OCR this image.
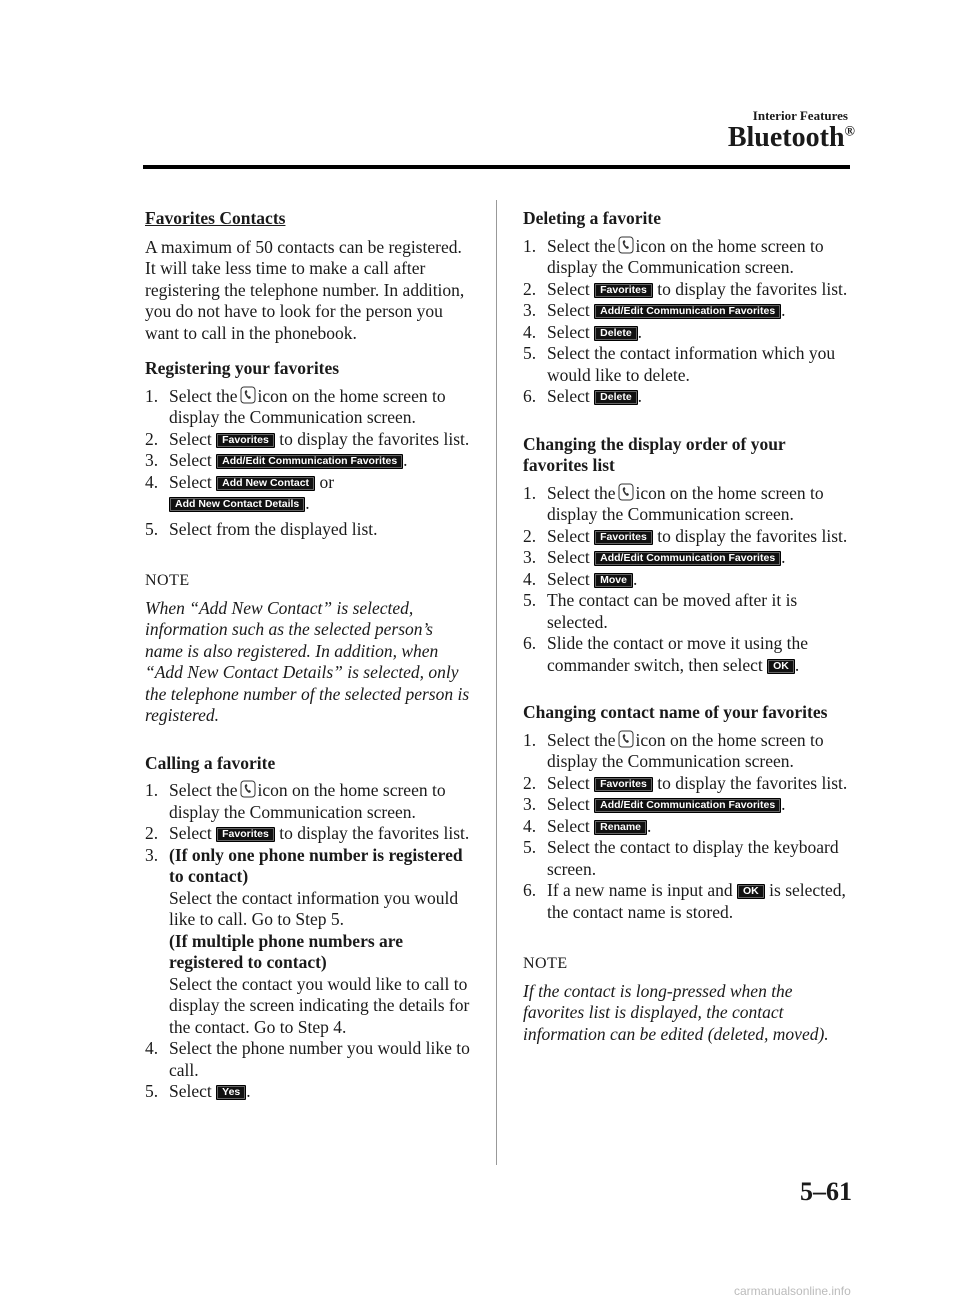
Interior Features
Bluetooth®

Favorites Contacts

A maximum of 50 contacts can be registered. It will take less time to make a call after registering the telephone number. In addition, you do not have to look for the person you want to call in the phonebook.

Registering your favorites

1. Select the icon on the home screen to display the Communication screen.
2. Select Favorites to display the favorites list.
3. Select Add/Edit Communication Favorites .
4. Select Add New Contact or
Add New Contact Details .
5. Select from the displayed list.

NOTE

When “Add New Contact” is selected, information such as the selected person’s name is also registered. In addition, when “Add New Contact Details” is selected, only the telephone number of the selected person is registered.

Calling a favorite

1. Select the icon on the home screen to display the Communication screen.
2. Select Favorites to display the favorites list.
3. (If only one phone number is registered to contact)
Select the contact information you would like to call. Go to Step 5.
(If multiple phone numbers are registered to contact)
Select the contact you would like to call to display the screen indicating the details for the contact. Go to Step 4.
4. Select the phone number you would like to call.
5. Select Yes .

Deleting a favorite

1. Select the icon on the home screen to display the Communication screen.
2. Select Favorites to display the favorites list.
3. Select Add/Edit Communication Favorites .
4. Select Delete .
5. Select the contact information which you would like to delete.
6. Select Delete .

Changing the display order of your favorites list

1. Select the icon on the home screen to display the Communication screen.
2. Select Favorites to display the favorites list.
3. Select Add/Edit Communication Favorites .
4. Select Move .
5. The contact can be moved after it is selected.
6. Slide the contact or move it using the commander switch, then select OK .

Changing contact name of your favorites

1. Select the icon on the home screen to display the Communication screen.
2. Select Favorites to display the favorites list.
3. Select Add/Edit Communication Favorites .
4. Select Rename .
5. Select the contact to display the keyboard screen.
6. If a new name is input and OK is selected, the contact name is stored.

NOTE

If the contact is long-pressed when the favorites list is displayed, the contact information can be edited (deleted, moved).

5–61
carmanualsonline.info
